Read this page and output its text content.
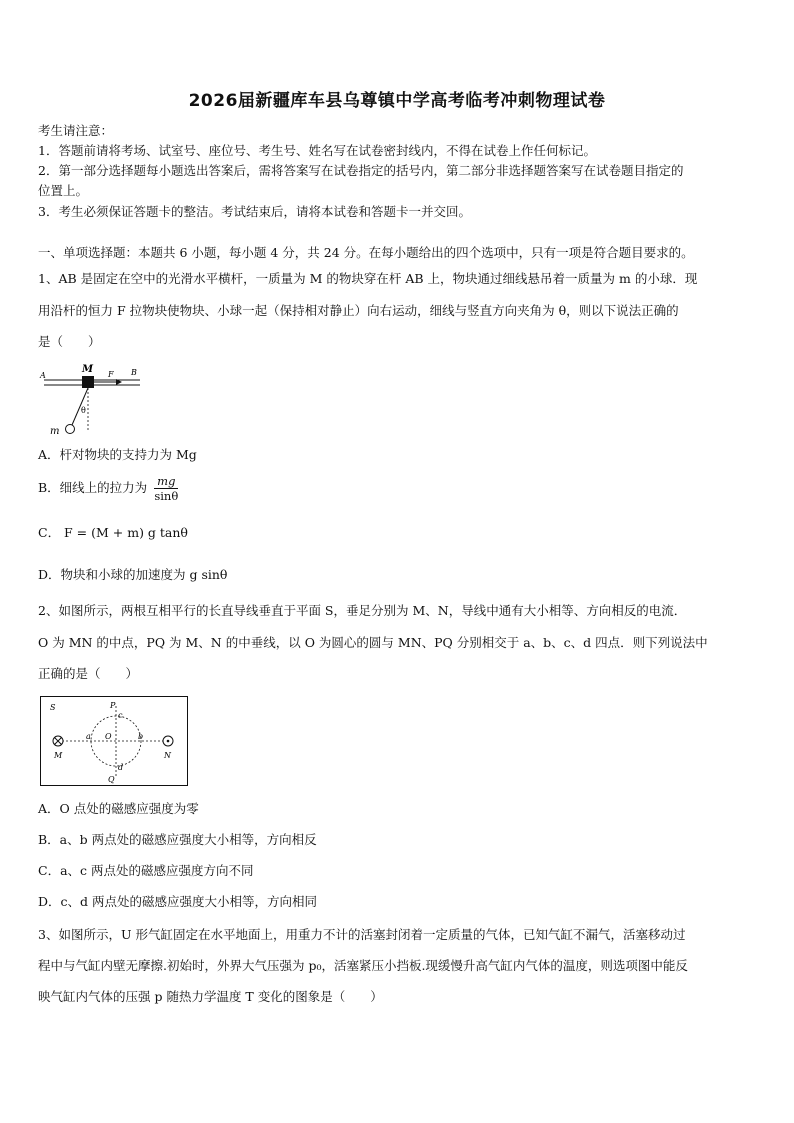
2026届新疆库车县乌尊镇中学高考临考冲刺物理试卷
考生请注意：
1．答题前请将考场、试室号、座位号、考生号、姓名写在试卷密封线内，不得在试卷上作任何标记。
2．第一部分选择题每小题选出答案后，需将答案写在试卷指定的括号内，第二部分非选择题答案写在试卷题目指定的
位置上。
3．考生必须保证答题卡的整洁。考试结束后，请将本试卷和答题卡一并交回。
一、单项选择题：本题共 6 小题，每小题 4 分，共 24 分。在每小题给出的四个选项中，只有一项是符合题目要求的。
1、AB 是固定在空中的光滑水平横杆，一质量为 M 的物块穿在杆 AB 上，物块通过细线悬吊着一质量为 m 的小球．现
用沿杆的恒力 F 拉物块使物块、小球一起（保持相对静止）向右运动，细线与竖直方向夹角为 θ，则以下说法正确的
是（　　）
A	B
M F
θ
m
A．杆对物块的支持力为 Mg
B．细线上的拉力为 $\frac{mg}{\sin\theta}$
C． F = (M + m) g tanθ
D．物块和小球的加速度为 g sinθ
2、如图所示，两根互相平行的长直导线垂直于平面 S，垂足分别为 M、N，导线中通有大小相等、方向相反的电流．
O 为 MN 的中点，PQ 为 M、N 的中垂线，以 O 为圆心的圆与 MN、PQ 分别相交于 a、b、c、d 四点．则下列说法中
正确的是（　　）
S
M	N
P
c
a O	b
d
Q
A．O 点处的磁感应强度为零
B．a、b 两点处的磁感应强度大小相等，方向相反
C．a、c 两点处的磁感应强度方向不同
D．c、d 两点处的磁感应强度大小相等，方向相同
3、如图所示，U 形气缸固定在水平地面上，用重力不计的活塞封闭着一定质量的气体，已知气缸不漏气，活塞移动过
程中与气缸内壁无摩擦.初始时，外界大气压强为 p₀，活塞紧压小挡板.现缓慢升高气缸内气体的温度，则选项图中能反
映气缸内气体的压强 p 随热力学温度 T 变化的图象是（　　）
